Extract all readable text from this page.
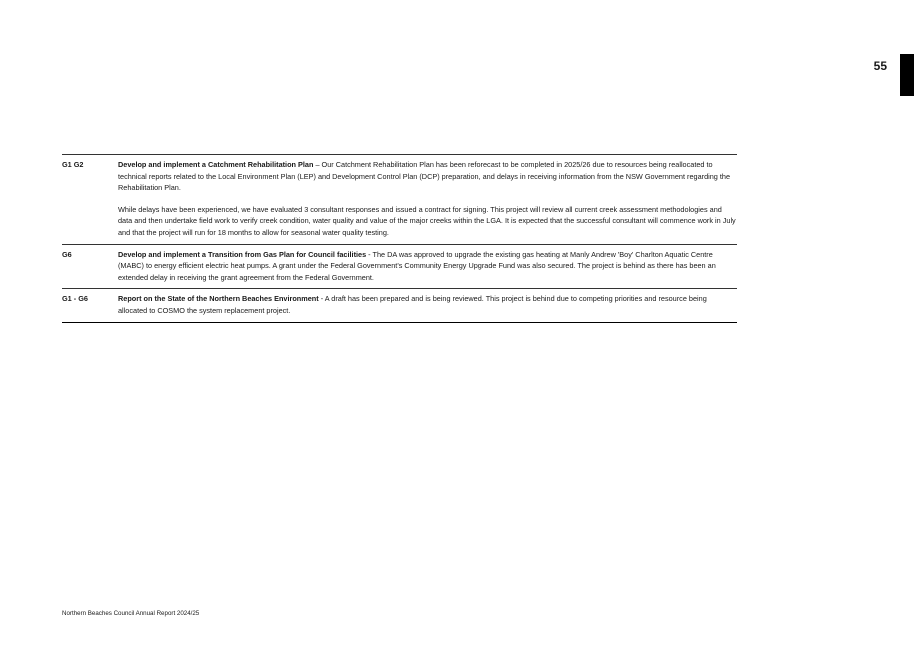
55
G1 G2	Develop and implement a Catchment Rehabilitation Plan – Our Catchment Rehabilitation Plan has been reforecast to be completed in 2025/26 due to resources being reallocated to technical reports related to the Local Environment Plan (LEP) and Development Control Plan (DCP) preparation, and delays in receiving information from the NSW Government regarding the Rehabilitation Plan.

While delays have been experienced, we have evaluated 3 consultant responses and issued a contract for signing. This project will review all current creek assessment methodologies and data and then undertake field work to verify creek condition, water quality and value of the major creeks within the LGA. It is expected that the successful consultant will commence work in July and that the project will run for 18 months to allow for seasonal water quality testing.

G6	Develop and implement a Transition from Gas Plan for Council facilities - The DA was approved to upgrade the existing gas heating at Manly Andrew 'Boy' Charlton Aquatic Centre (MABC) to energy efficient electric heat pumps. A grant under the Federal Government's Community Energy Upgrade Fund was also secured. The project is behind as there has been an extended delay in receiving the grant agreement from the Federal Government.

G1 - G6	Report on the State of the Northern Beaches Environment - A draft has been prepared and is being reviewed. This project is behind due to competing priorities and resource being allocated to COSMO the system replacement project.

Northern Beaches Council Annual Report 2024/25
